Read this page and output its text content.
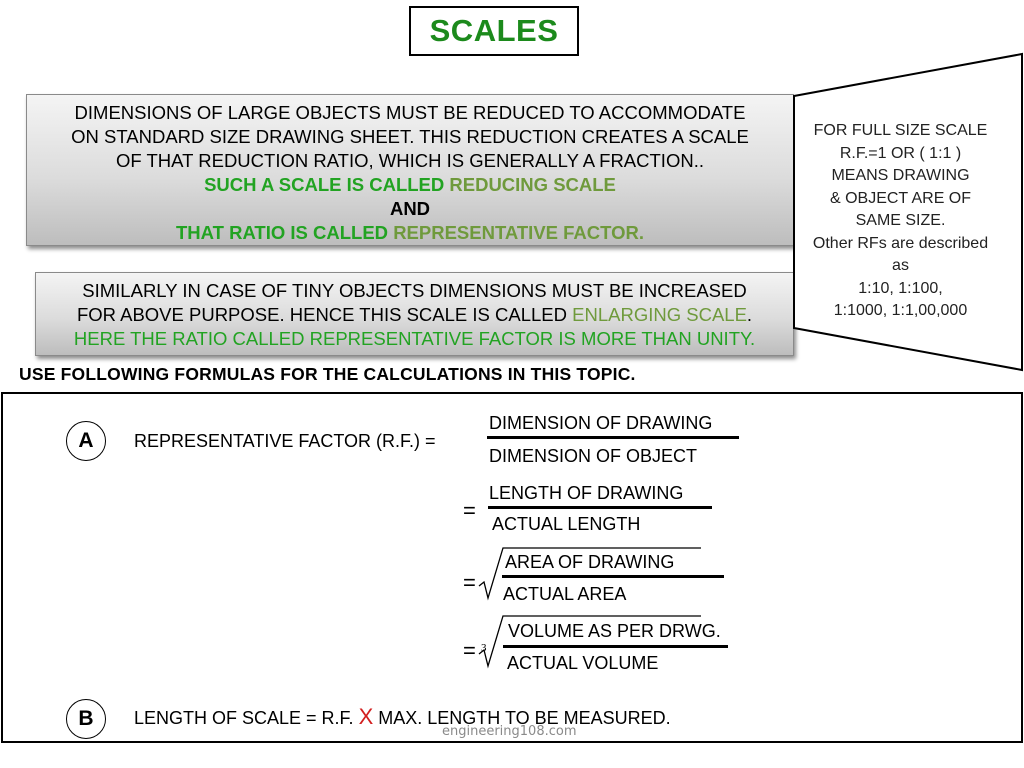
SCALES
DIMENSIONS OF LARGE OBJECTS MUST BE REDUCED TO ACCOMMODATE
ON STANDARD SIZE DRAWING SHEET. THIS REDUCTION CREATES A SCALE
OF THAT REDUCTION RATIO, WHICH IS GENERALLY A FRACTION..
SUCH A SCALE IS CALLED REDUCING SCALE
AND
THAT RATIO IS CALLED REPRESENTATIVE FACTOR.
SIMILARLY IN CASE OF TINY OBJECTS DIMENSIONS MUST BE INCREASED
FOR ABOVE PURPOSE. HENCE THIS SCALE IS CALLED ENLARGING SCALE.
HERE THE RATIO CALLED REPRESENTATIVE FACTOR IS MORE THAN UNITY.
FOR FULL SIZE SCALE
R.F.=1 OR ( 1:1 )
MEANS DRAWING
& OBJECT ARE OF
SAME SIZE.
Other RFs are described
as
1:10, 1:100,
1:1000, 1:1,00,000
USE FOLLOWING FORMULAS FOR THE CALCULATIONS IN THIS TOPIC.
A REPRESENTATIVE FACTOR (R.F.) =
DIMENSION OF DRAWING
DIMENSION OF OBJECT
=
LENGTH OF DRAWING
ACTUAL LENGTH
=
AREA OF DRAWING
ACTUAL AREA
= 3
VOLUME AS PER DRWG.
ACTUAL VOLUME
B LENGTH OF SCALE = R.F. X MAX. LENGTH TO BE MEASURED.
engineering108.com
